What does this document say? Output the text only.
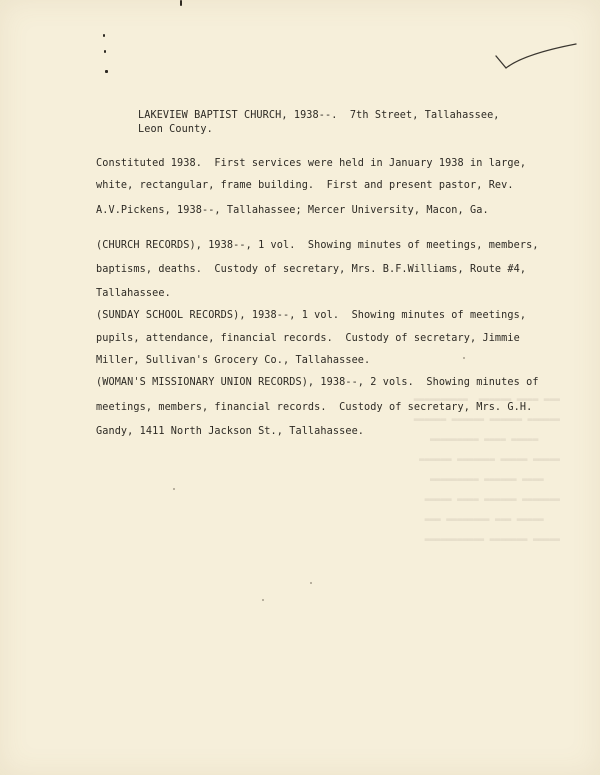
▬▬▬ ▬▬▬▬ ▬▬▬▬▬▬  ▬▬▬▬▬▬▬▬▬▬

▬▬▬▬▬▬ ▬▬▬▬▬▬ ▬▬▬▬▬▬ ▬▬▬▬▬▬

▬▬▬▬▬ ▬▬▬▬ ▬▬▬▬▬▬▬▬▬

▬▬▬▬▬ ▬▬▬▬▬ ▬▬▬▬▬▬▬ ▬▬▬▬▬▬

▬▬▬▬ ▬▬▬▬▬▬ ▬▬▬▬▬▬▬▬▬

▬▬▬▬▬▬▬ ▬▬▬▬▬▬ ▬▬▬▬ ▬▬▬▬▬

▬▬▬▬▬ ▬▬▬ ▬▬▬▬▬▬▬▬ ▬▬▬

▬▬▬▬▬ ▬▬▬▬▬▬▬ ▬▬▬▬▬▬▬▬▬▬▬

LAKEVIEW BAPTIST CHURCH, 1938--.  7th Street, Tallahassee,

Leon County.

Constituted 1938.  First services were held in January 1938 in large,

white, rectangular, frame building.  First and present pastor, Rev.

A.V.Pickens, 1938--, Tallahassee; Mercer University, Macon, Ga.

(CHURCH RECORDS), 1938--, 1 vol.  Showing minutes of meetings, members,

baptisms, deaths.  Custody of secretary, Mrs. B.F.Williams, Route #4,

Tallahassee.

(SUNDAY SCHOOL RECORDS), 1938--, 1 vol.  Showing minutes of meetings,

pupils, attendance, financial records.  Custody of secretary, Jimmie

Miller, Sullivan's Grocery Co., Tallahassee.

(WOMAN'S MISSIONARY UNION RECORDS), 1938--, 2 vols.  Showing minutes of

meetings, members, financial records.  Custody of secretary, Mrs. G.H.

Gandy, 1411 North Jackson St., Tallahassee.
